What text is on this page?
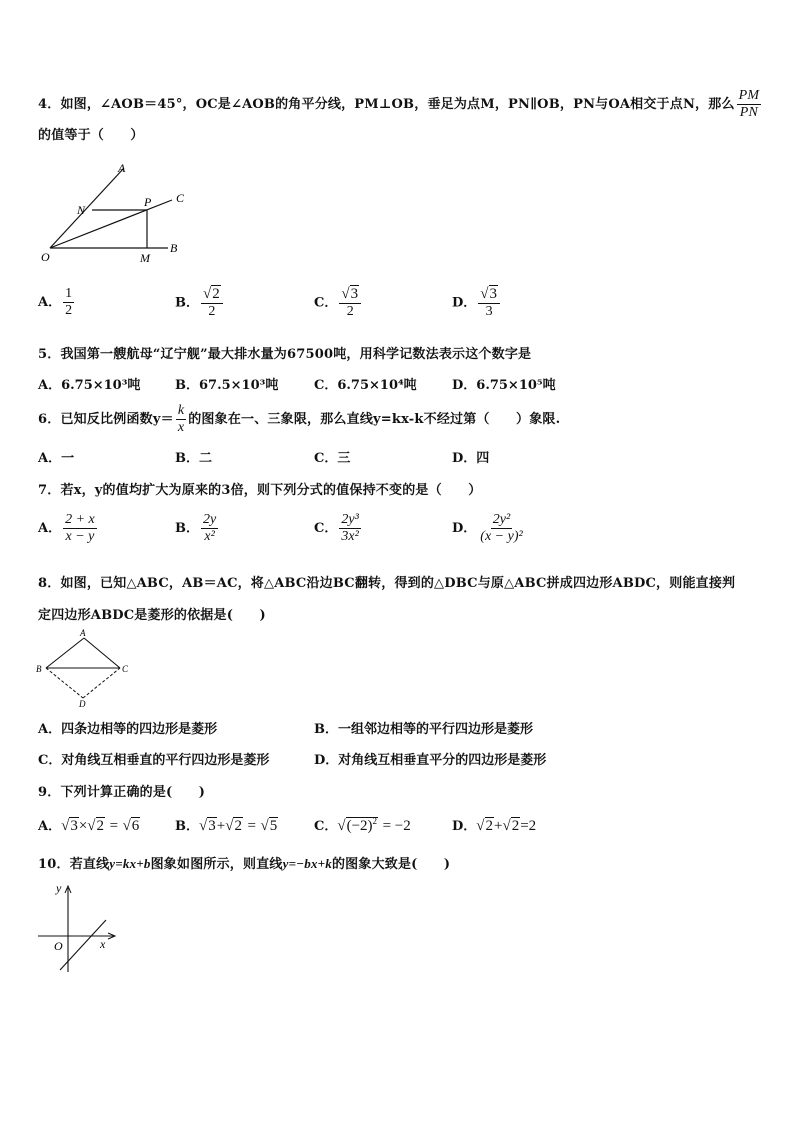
4．如图，∠AOB＝45°，OC是∠AOB的角平分线，PM⊥OB，垂足为点M，PN∥OB，PN与OA相交于点N，那么 $\frac{PM}{PN}$
的值等于（　　）
A
C
N
P
O	M
B
A． $\frac{1}{2}$	B． $\frac{√2}{2}$	C． $\frac{√3}{2}$	D． $\frac{√3}{3}$
5．我国第一艘航母“辽宁舰”最大排水量为67500吨，用科学记数法表示这个数字是
A．6.75×10³吨	B．67.5×10³吨	C．6.75×10⁴吨	D．6.75×10⁵吨
6．已知反比例函数$y= \frac{k}{x}$ 的图象在一、三象限，那么直线y=kx-k不经过第（　　）象限.
A．一	B．二	C．三	D．四
7．若x，y的值均扩大为原来的3倍，则下列分式的值保持不变的是（　　）
A． $\frac{2 + x}{x - y}$	B． $\frac{2y}{\text{x²}}$	C． $\frac{\text{2y³}}{\text{3x²}}$	D． $\frac{\text{2y²}}{\text{(x − y)²}}$
8．如图，已知△ABC，AB＝AC，将△ABC沿边BC翻转，得到的△DBC与原△ABC拼成四边形ABDC，则能直接判
定四边形ABDC是菱形的依据是(　　)
A
B	C
D
A．四条边相等的四边形是菱形	B．一组邻边相等的平行四边形是菱形
C．对角线互相垂直的平行四边形是菱形	D．对角线互相垂直平分的四边形是菱形
9．下列计算正确的是(　　)
A．√3×√2 = √6	B．√3+√2 = √5	C．$√(-2)^2 = -2$	D．√2+√2=2
10．若直线y=kx+b图象如图所示，则直线y=−bx+k的图象大致是(　　)
y
O	x
